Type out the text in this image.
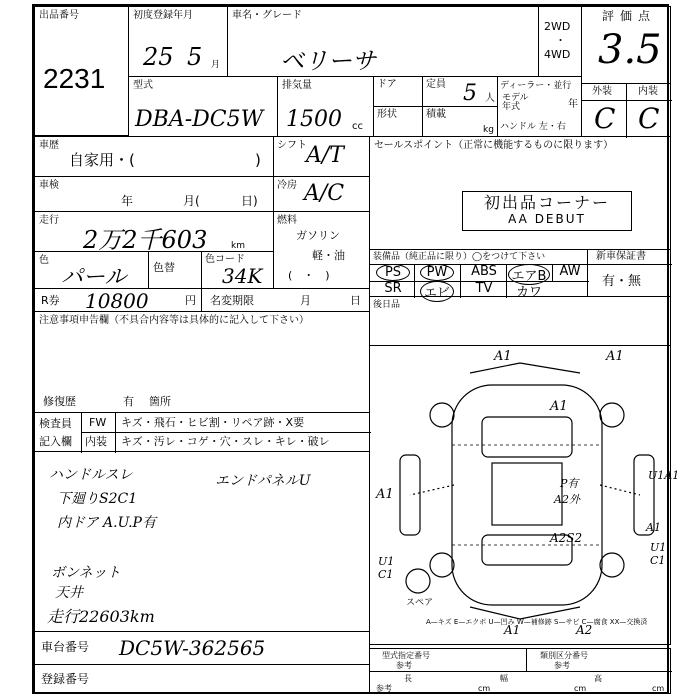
出品番号
2231
初度登録年月
25 5 月
車名・グレード
ベリーサ
2WD
・
4WD
評価点
3.5
型式
DBA-DC5W
排気量
1500 cc
ドア
形状
定員 5 人
積載
kg
ディーラー・並行
モデル
年式	年
ハンドル 左・右
外装	内装
C C
車歴
自家用・(	)
シフト A/T	セールスポイント（正常に機能するものに限ります）
初出品コーナー
AA DEBUT
車検
年	月(	日)
冷房 A/C
走行
2万2千603	km
燃料
ガソリン
軽・油
(　・　)
色
パール 色替
色コード
34K
装備品（純正品に限り）◯をつけて下さい
PS	PW	ABS	エアB	AW
SR	エビ	TV	カワ
新車保証書
有・無
R券 10800	円 名変期限	月	日 後日品
注意事項申告欄（不具合内容等は具体的に記入して下さい）
修復歴	有 箇所
検査員
記入欄
FW
内装
キズ・飛石・ヒビ割・リペア跡・X要
キズ・汚レ・コゲ・穴・スレ・キレ・破レ
ハンドルスレ
下廻りS2C1
内ドア A.U.P有
ボンネット
天井
走行22603km
エンドパネルU
車台番号 DC5W-362565
登録番号
A1	A1
A1
A1
P有
A2外
A2S2
U1A1
A1
U1 C1
U1 C1
A1	A2
スペア
A—キズ E—エクボ U—凹み W—補修跡 S—サビ C—腐食 XX—交換済
型式指定番号
参考
類別区分番号
参考
長	幅	高
参考	cm	cm	cm
